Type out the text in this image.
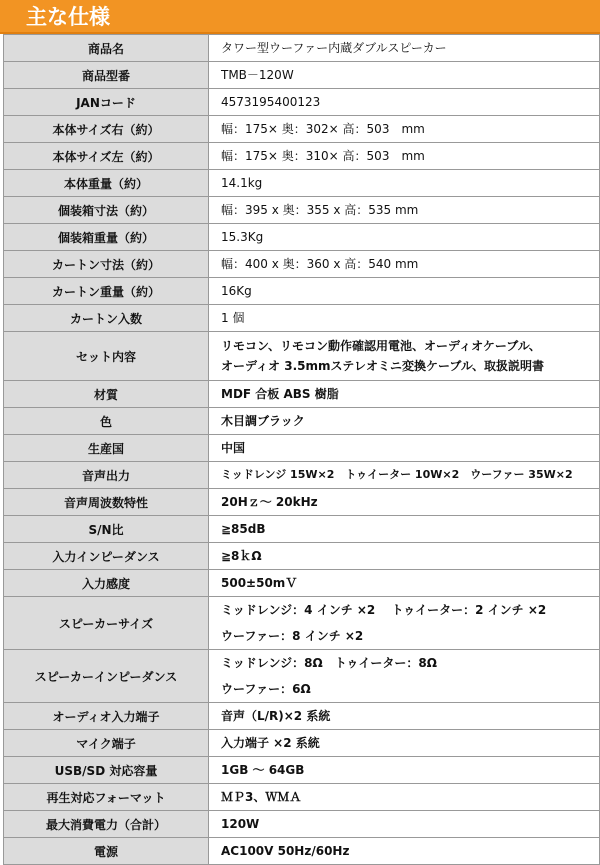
主な仕様
商品名	タワー型ウーファー内蔵ダブルスピーカー

商品型番	TMB－120W

JANコード	4573195400123

本体サイズ右（約）	幅：175× 奥：302× 高：503　mm

本体サイズ左（約）	幅：175× 奥：310× 高：503　mm

本体重量（約）	14.1kg

個装箱寸法（約）	幅：395 x 奥：355 x 高：535 mm

個装箱重量（約）	15.3Kg

カートン寸法（約）	幅：400 x 奥：360 x 高：540 mm

カートン重量（約）	16Kg

カートン入数	1 個

セット内容	リモコン、リモコン動作確認用電池、オーディオケーブル、
オーディオ 3.5mmステレオミニ変換ケーブル、取扱説明書

材質	MDF 合板 ABS 樹脂

色	木目調ブラック

生産国	中国

音声出力	ミッドレンジ 15W×2　トゥイーター 10W×2　ウーファー 35W×2

音声周波数特性	20Hｚ～ 20kHz

S/N比	≧85dB

入力インピーダンス	≧8ｋΩ

入力感度	500±50mＶ

スピーカーサイズ	ミッドレンジ：4 インチ ×2　 トゥイーター：2 インチ ×2
ウーファー：8 インチ ×2

スピーカーインピーダンス	ミッドレンジ：8Ω　トゥイーター：8Ω
ウーファー：6Ω

オーディオ入力端子	音声（L/R)×2 系統

マイク端子	入力端子 ×2 系統

USB/SD 対応容量	1GB ～ 64GB

再生対応フォーマット	ＭＰ3、ＷＭＡ

最大消費電力（合計）	120W

電源	AC100V 50Hz/60Hz
